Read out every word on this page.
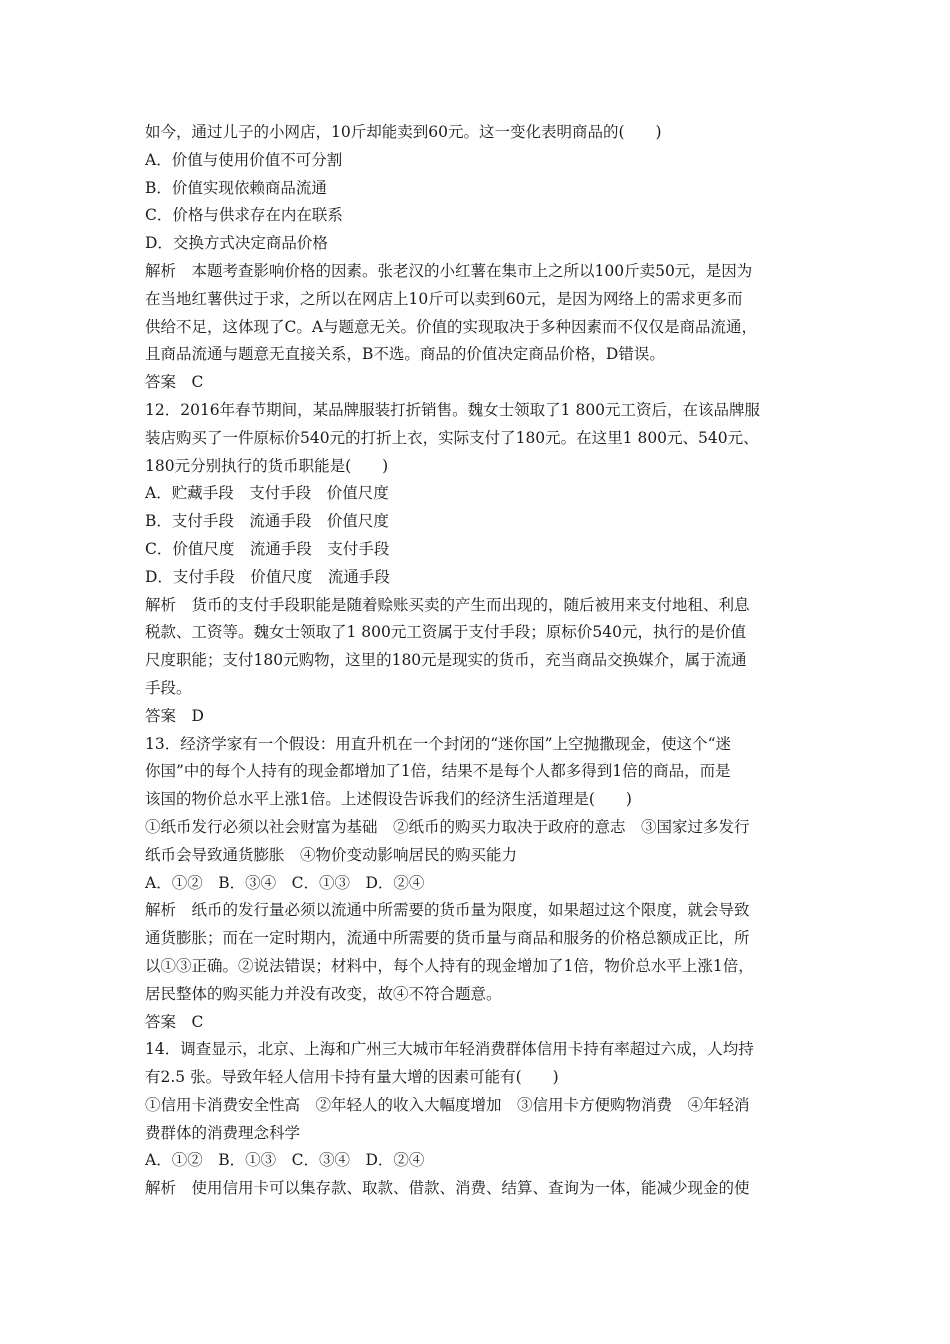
如今，通过儿子的小网店，10斤却能卖到60元。这一变化表明商品的(　　)
A．价值与使用价值不可分割
B．价值实现依赖商品流通
C．价格与供求存在内在联系
D．交换方式决定商品价格
解析　本题考查影响价格的因素。张老汉的小红薯在集市上之所以100斤卖50元，是因为
在当地红薯供过于求，之所以在网店上10斤可以卖到60元，是因为网络上的需求更多而
供给不足，这体现了C。A与题意无关。价值的实现取决于多种因素而不仅仅是商品流通，
且商品流通与题意无直接关系，B不选。商品的价值决定商品价格，D错误。
答案　C
12．2016年春节期间，某品牌服装打折销售。魏女士领取了1 800元工资后，在该品牌服
装店购买了一件原标价540元的打折上衣，实际支付了180元。在这里1 800元、540元、
180元分别执行的货币职能是(　　)
A．贮藏手段　支付手段　价值尺度
B．支付手段　流通手段　价值尺度
C．价值尺度　流通手段　支付手段
D．支付手段　价值尺度　流通手段
解析　货币的支付手段职能是随着赊账买卖的产生而出现的，随后被用来支付地租、利息
税款、工资等。魏女士领取了1 800元工资属于支付手段；原标价540元，执行的是价值
尺度职能；支付180元购物，这里的180元是现实的货币，充当商品交换媒介，属于流通
手段。
答案　D
13．经济学家有一个假设：用直升机在一个封闭的“迷你国”上空抛撒现金，使这个“迷
你国”中的每个人持有的现金都增加了1倍，结果不是每个人都多得到1倍的商品，而是
该国的物价总水平上涨1倍。上述假设告诉我们的经济生活道理是(　　)
①纸币发行必须以社会财富为基础　②纸币的购买力取决于政府的意志　③国家过多发行
纸币会导致通货膨胀　④物价变动影响居民的购买能力
A．①②　B．③④　C．①③　D．②④
解析　纸币的发行量必须以流通中所需要的货币量为限度，如果超过这个限度，就会导致
通货膨胀；而在一定时期内，流通中所需要的货币量与商品和服务的价格总额成正比，所
以①③正确。②说法错误；材料中，每个人持有的现金增加了1倍，物价总水平上涨1倍，
居民整体的购买能力并没有改变，故④不符合题意。
答案　C
14．调查显示，北京、上海和广州三大城市年轻消费群体信用卡持有率超过六成，人均持
有2.5 张。导致年轻人信用卡持有量大增的因素可能有(　　)
①信用卡消费安全性高　②年轻人的收入大幅度增加　③信用卡方便购物消费　④年轻消
费群体的消费理念科学
A．①②　B．①③　C．③④　D．②④
解析　使用信用卡可以集存款、取款、借款、消费、结算、查询为一体，能减少现金的使
